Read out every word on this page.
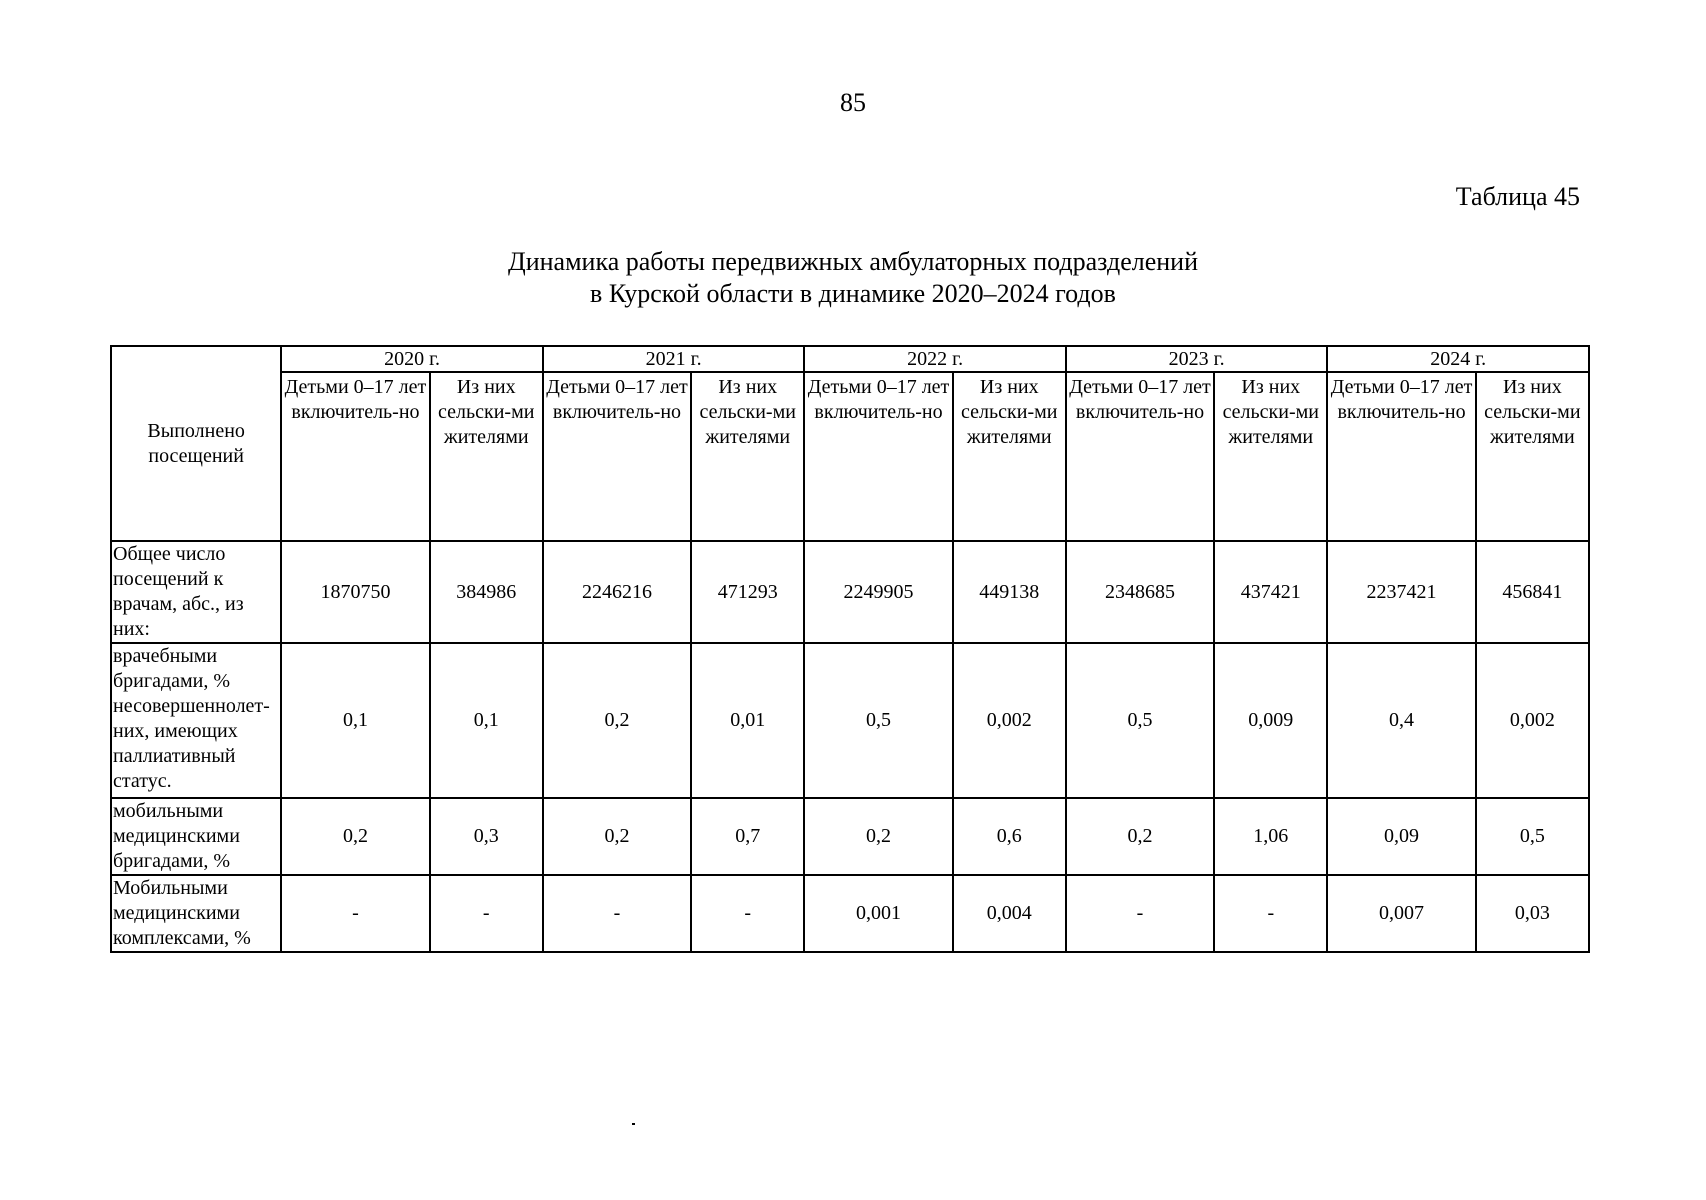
85
Таблица 45
Динамика работы передвижных амбулаторных подразделений
в Курской области в динамике 2020–2024 годов
Выполнено посещений	2020 г.		2021 г.		2022 г.		2023 г.		2024 г.	
	Детьми 0–17 лет включитель-но	Из них сельски-ми жителями	Детьми 0–17 лет включитель-но	Из них сельски-ми жителями	Детьми 0–17 лет включитель-но	Из них сельски-ми жителями	Детьми 0–17 лет включитель-но	Из них сельски-ми жителями	Детьми 0–17 лет включитель-но	Из них сельски-ми жителями
Общее число посещений к врачам, абс., из них:	1870750	384986	2246216	471293	2249905	449138	2348685	437421	2237421	456841
врачебными бригадами, % несовершеннолет-них, имеющих паллиативный статус.	0,1	0,1	0,2	0,01	0,5	0,002	0,5	0,009	0,4	0,002
мобильными медицинскими бригадами, %	0,2	0,3	0,2	0,7	0,2	0,6	0,2	1,06	0,09	0,5
Мобильными медицинскими комплексами, %	-	-	-	-	0,001	0,004	-	-	0,007	0,03
